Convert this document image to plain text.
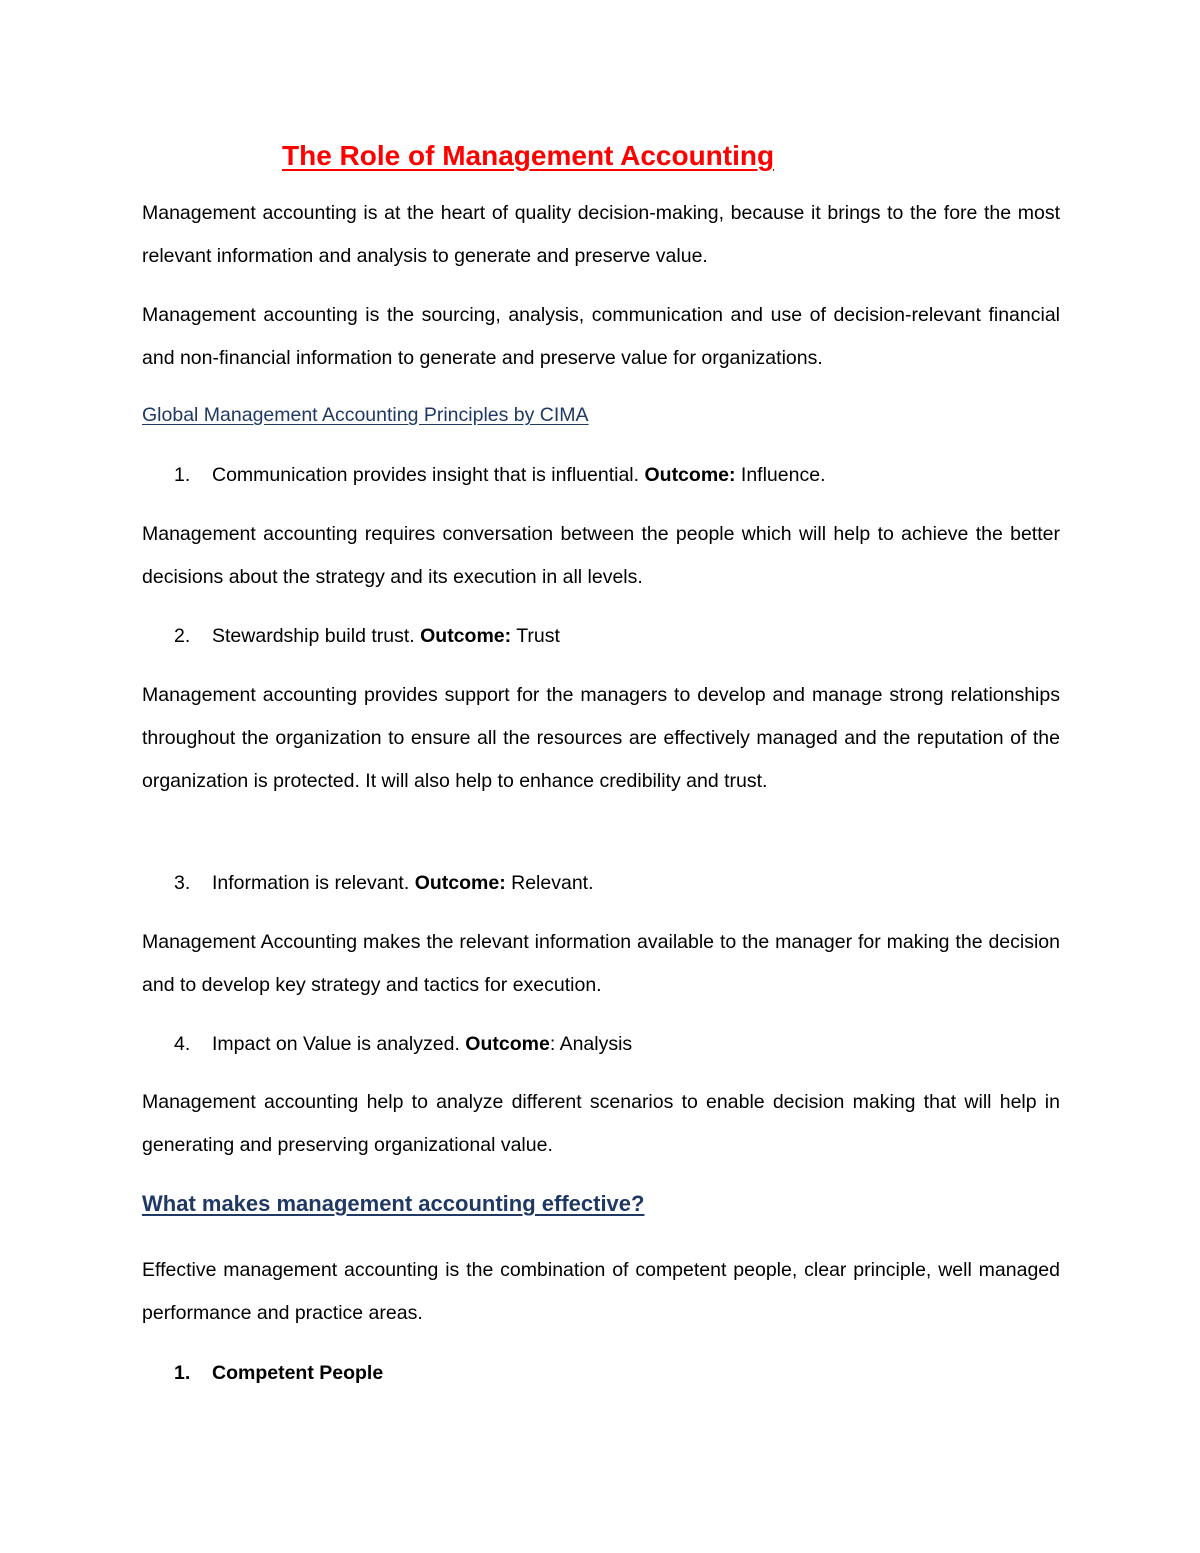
The Role of Management Accounting

Management accounting is at the heart of quality decision-making, because it brings to the fore the most relevant information and analysis to generate and preserve value.

Management accounting is the sourcing, analysis, communication and use of decision-relevant financial and non-financial information to generate and preserve value for organizations.

Global Management Accounting Principles by CIMA
1. Communication provides insight that is influential. Outcome: Influence.

Management accounting requires conversation between the people which will help to achieve the better decisions about the strategy and its execution in all levels.

2. Stewardship build trust. Outcome: Trust

Management accounting provides support for the managers to develop and manage strong relationships throughout the organization to ensure all the resources are effectively managed and the reputation of the organization is protected. It will also help to enhance credibility and trust.

3. Information is relevant. Outcome: Relevant.

Management Accounting makes the relevant information available to the manager for making the decision and to develop key strategy and tactics for execution.

4. Impact on Value is analyzed. Outcome: Analysis

Management accounting help to analyze different scenarios to enable decision making that will help in generating and preserving organizational value.

What makes management accounting effective?

Effective management accounting is the combination of competent people, clear principle, well managed performance and practice areas.

1. Competent People
